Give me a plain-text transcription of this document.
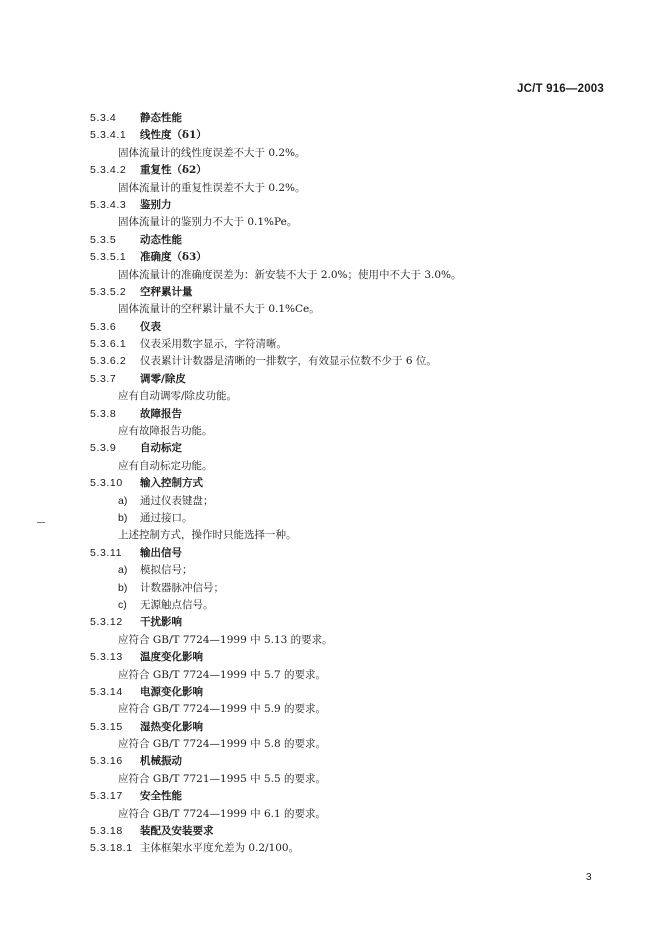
JC/T 916—2003
5.3.4 静态性能
5.3.4.1 线性度（δ1）
固体流量计的线性度误差不大于 0.2%。
5.3.4.2 重复性（δ2）
固体流量计的重复性误差不大于 0.2%。
5.3.4.3 鉴别力
固体流量计的鉴别力不大于 0.1%Pe。
5.3.5 动态性能
5.3.5.1 准确度（δ3）
固体流量计的准确度误差为：新安装不大于 2.0%；使用中不大于 3.0%。
5.3.5.2 空秤累计量
固体流量计的空秤累计量不大于 0.1%Ce。
5.3.6 仪表
5.3.6.1 仪表采用数字显示，字符清晰。
5.3.6.2 仪表累计计数器是清晰的一排数字，有效显示位数不少于 6 位。
5.3.7 调零/除皮
应有自动调零/除皮功能。
5.3.8 故障报告
应有故障报告功能。
5.3.9 自动标定
应有自动标定功能。
5.3.10 输入控制方式
a) 通过仪表键盘；
b) 通过接口。
上述控制方式，操作时只能选择一种。
5.3.11 输出信号
a) 模拟信号；
b) 计数器脉冲信号；
c) 无源触点信号。
5.3.12 干扰影响
应符合 GB/T 7724—1999 中 5.13 的要求。
5.3.13 温度变化影响
应符合 GB/T 7724—1999 中 5.7 的要求。
5.3.14 电源变化影响
应符合 GB/T 7724—1999 中 5.9 的要求。
5.3.15 湿热变化影响
应符合 GB/T 7724—1999 中 5.8 的要求。
5.3.16 机械振动
应符合 GB/T 7721—1995 中 5.5 的要求。
5.3.17 安全性能
应符合 GB/T 7724—1999 中 6.1 的要求。
5.3.18 装配及安装要求
5.3.18.1 主体框架水平度允差为 0.2/100。
3
